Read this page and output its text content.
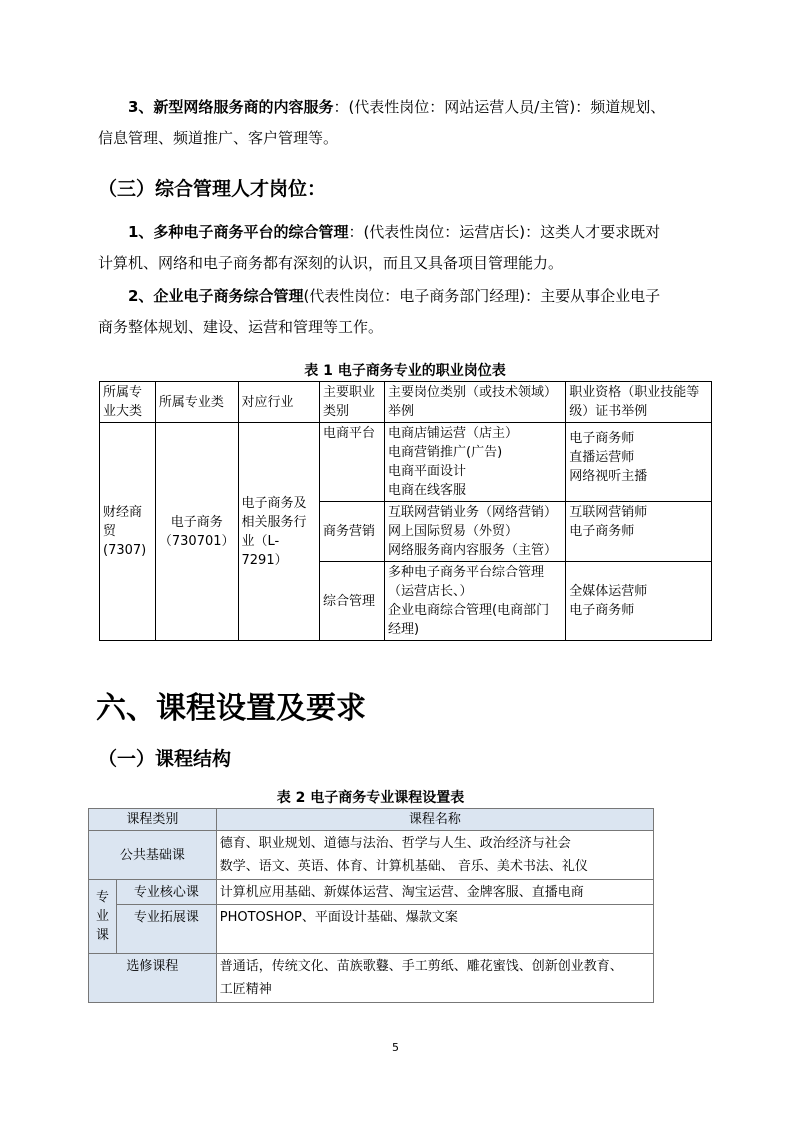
3、新型网络服务商的内容服务：(代表性岗位：网站运营人员/主管)：频道规划、
信息管理、频道推广、客户管理等。
（三）综合管理人才岗位：
1、多种电子商务平台的综合管理：(代表性岗位：运营店长)：这类人才要求既对
计算机、网络和电子商务都有深刻的认识，而且又具备项目管理能力。
2、企业电子商务综合管理(代表性岗位：电子商务部门经理)：主要从事企业电子
商务整体规划、建设、运营和管理等工作。
表 1 电子商务专业的职业岗位表
所属专业大类	所属专业类	对应行业	主要职业类别	主要岗位类别（或技术领域）举例	职业资格（职业技能等级）证书举例

财经商
贸
(7307)	电子商务
（730701）	电子商务及
相关服务行
业（L-7291）	电商平台	电商店铺运营（店主）
电商营销推广(广告)
电商平面设计
电商在线客服	电子商务师
直播运营师
网络视听主播

			商务营销	互联网营销业务（网络营销）
网上国际贸易（外贸）
网络服务商内容服务（主管）	互联网营销师
电子商务师

			综合管理	多种电子商务平台综合管理
（运营店长、）
企业电商综合管理(电商部门
经理)	全媒体运营师
电子商务师
六、课程设置及要求
（一）课程结构
表 2 电子商务专业课程设置表
课程类别		课程名称
公共基础课		德育、职业规划、道德与法治、哲学与人生、政治经济与社会
数学、语文、英语、体育、计算机基础、 音乐、美术书法、礼仪

专
业
课	专业核心课	计算机应用基础、新媒体运营、淘宝运营、金牌客服、直播电商
	专业拓展课	PHOTOSHOP、平面设计基础、爆款文案
选修课程		普通话，传统文化、苗族歌鼟、手工剪纸、雕花蜜饯、创新创业教育、
工匠精神
5
